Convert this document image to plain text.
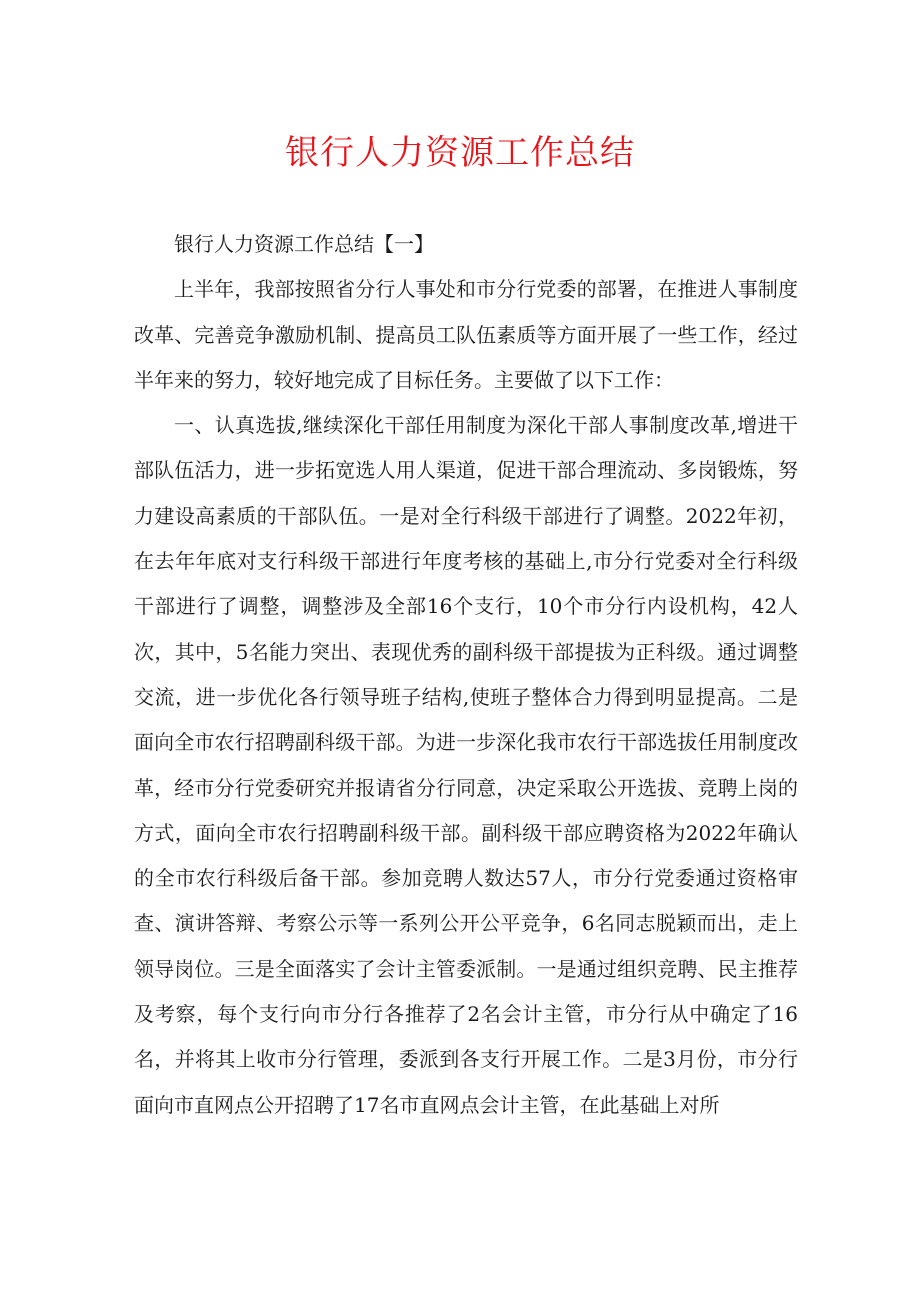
银行人力资源工作总结

银行人力资源工作总结【一】

上半年，我部按照省分行人事处和市分行党委的部署，在推进人事制度改革、完善竞争激励机制、提高员工队伍素质等方面开展了一些工作，经过半年来的努力，较好地完成了目标任务。主要做了以下工作：

一、认真选拔,继续深化干部任用制度为深化干部人事制度改革,增进干部队伍活力，进一步拓宽选人用人渠道，促进干部合理流动、多岗锻炼，努力建设高素质的干部队伍。一是对全行科级干部进行了调整。2022年初，在去年年底对支行科级干部进行年度考核的基础上,市分行党委对全行科级干部进行了调整，调整涉及全部16个支行，10个市分行内设机构，42人次，其中，5名能力突出、表现优秀的副科级干部提拔为正科级。通过调整交流，进一步优化各行领导班子结构,使班子整体合力得到明显提高。二是面向全市农行招聘副科级干部。为进一步深化我市农行干部选拔任用制度改革，经市分行党委研究并报请省分行同意，决定采取公开选拔、竞聘上岗的方式，面向全市农行招聘副科级干部。副科级干部应聘资格为2022年确认的全市农行科级后备干部。参加竞聘人数达57人，市分行党委通过资格审查、演讲答辩、考察公示等一系列公开公平竞争，6名同志脱颖而出，走上领导岗位。三是全面落实了会计主管委派制。一是通过组织竞聘、民主推荐及考察，每个支行向市分行各推荐了2名会计主管，市分行从中确定了16名，并将其上收市分行管理，委派到各支行开展工作。二是3月份，市分行面向市直网点公开招聘了17名市直网点会计主管，在此基础上对所
